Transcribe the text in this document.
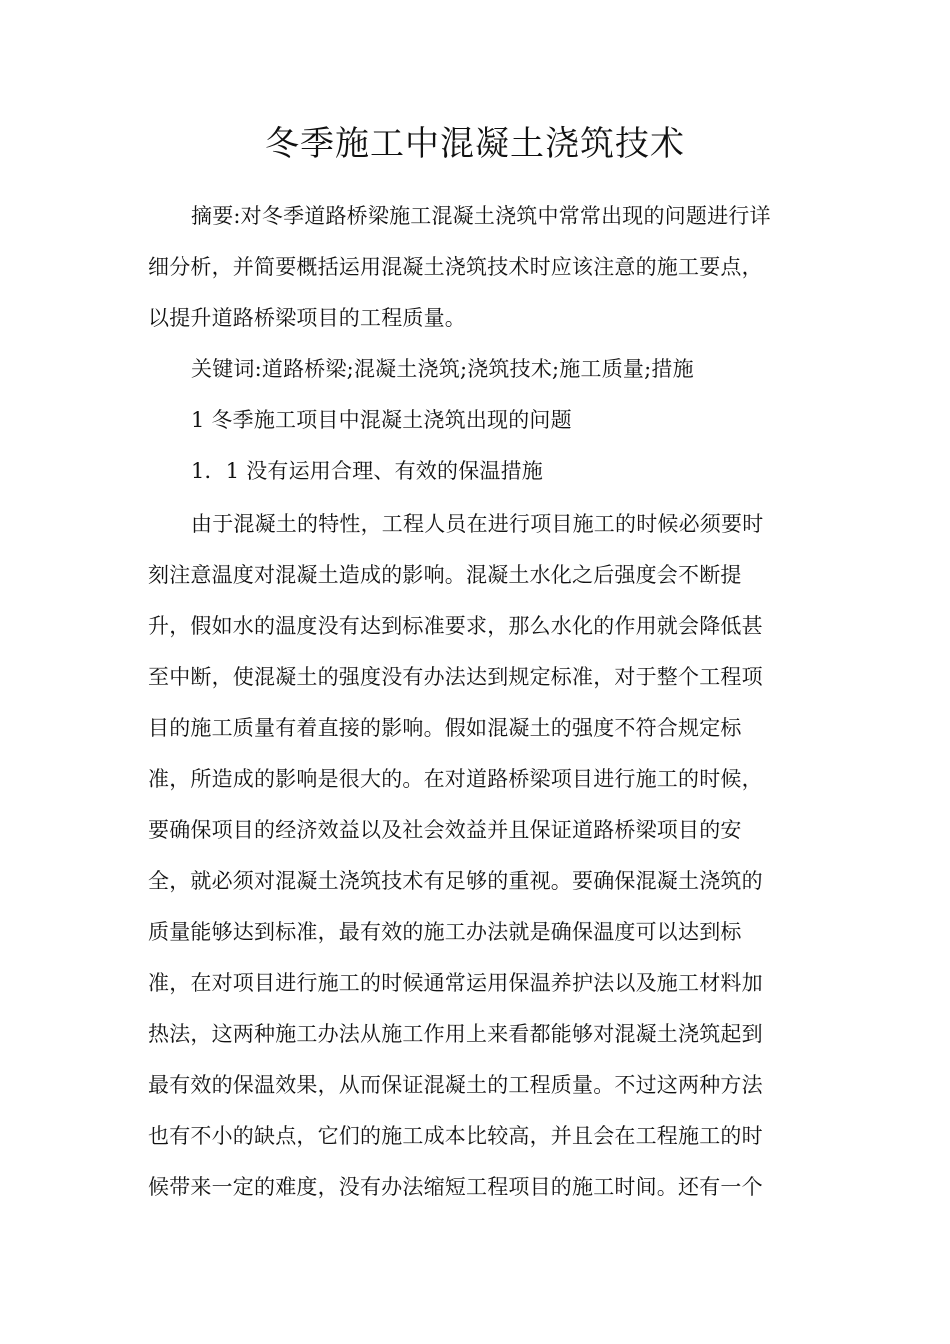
冬季施工中混凝土浇筑技术
摘要:对冬季道路桥梁施工混凝土浇筑中常常出现的问题进行详
细分析，并简要概括运用混凝土浇筑技术时应该注意的施工要点，
以提升道路桥梁项目的工程质量。
关键词:道路桥梁;混凝土浇筑;浇筑技术;施工质量;措施
1 冬季施工项目中混凝土浇筑出现的问题
1．1 没有运用合理、有效的保温措施
由于混凝土的特性，工程人员在进行项目施工的时候必须要时
刻注意温度对混凝土造成的影响。混凝土水化之后强度会不断提
升，假如水的温度没有达到标准要求，那么水化的作用就会降低甚
至中断，使混凝土的强度没有办法达到规定标准，对于整个工程项
目的施工质量有着直接的影响。假如混凝土的强度不符合规定标
准，所造成的影响是很大的。在对道路桥梁项目进行施工的时候，
要确保项目的经济效益以及社会效益并且保证道路桥梁项目的安
全，就必须对混凝土浇筑技术有足够的重视。要确保混凝土浇筑的
质量能够达到标准，最有效的施工办法就是确保温度可以达到标
准，在对项目进行施工的时候通常运用保温养护法以及施工材料加
热法，这两种施工办法从施工作用上来看都能够对混凝土浇筑起到
最有效的保温效果，从而保证混凝土的工程质量。不过这两种方法
也有不小的缺点，它们的施工成本比较高，并且会在工程施工的时
候带来一定的难度，没有办法缩短工程项目的施工时间。还有一个
